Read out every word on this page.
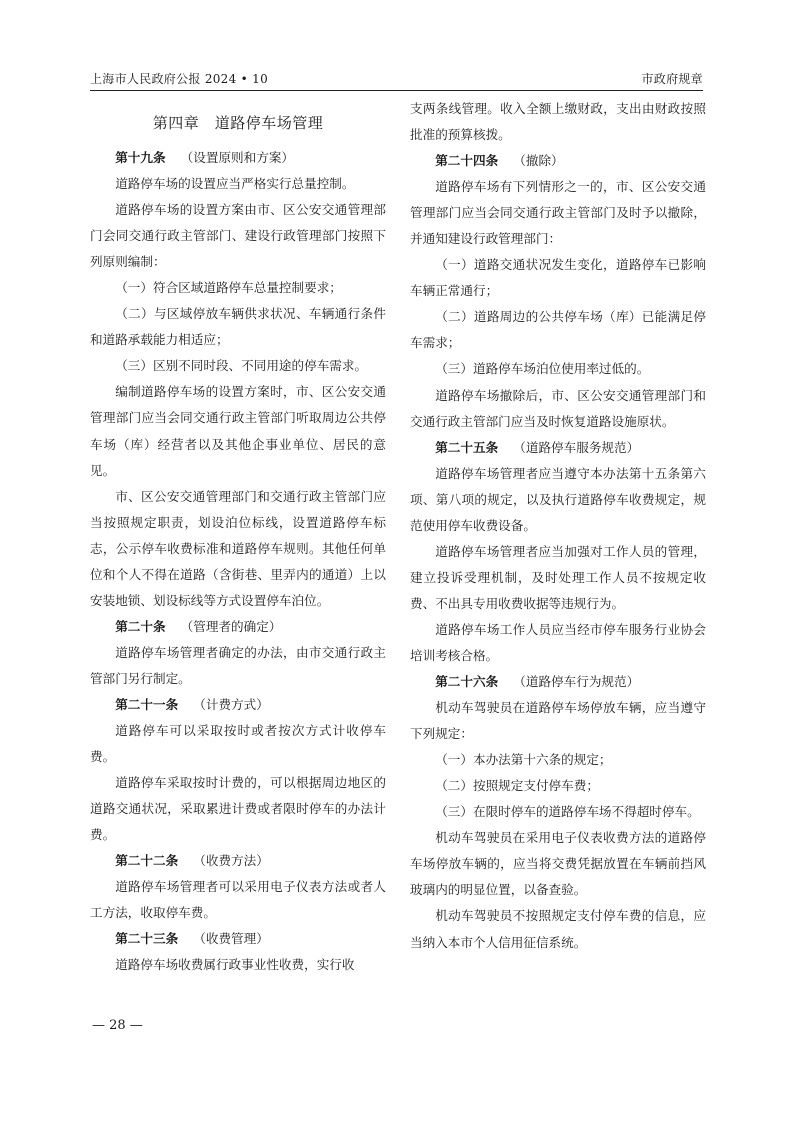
上海市人民政府公报 2024 • 10	市政府规章

第四章　道路停车场管理

第十九条 （设置原则和方案）

道路停车场的设置应当严格实行总量控制。

道路停车场的设置方案由市、区公安交通管理部门会同交通行政主管部门、建设行政管理部门按照下列原则编制：

（一）符合区域道路停车总量控制要求；

（二）与区域停放车辆供求状况、车辆通行条件和道路承载能力相适应；

（三）区别不同时段、不同用途的停车需求。

编制道路停车场的设置方案时，市、区公安交通管理部门应当会同交通行政主管部门听取周边公共停车场（库）经营者以及其他企事业单位、居民的意见。

市、区公安交通管理部门和交通行政主管部门应当按照规定职责，划设泊位标线，设置道路停车标志，公示停车收费标准和道路停车规则。其他任何单位和个人不得在道路（含街巷、里弄内的通道）上以安装地锁、划设标线等方式设置停车泊位。

第二十条 （管理者的确定）

道路停车场管理者确定的办法，由市交通行政主管部门另行制定。

第二十一条 （计费方式）

道路停车可以采取按时或者按次方式计收停车费。

道路停车采取按时计费的，可以根据周边地区的道路交通状况，采取累进计费或者限时停车的办法计费。

第二十二条 （收费方法）

道路停车场管理者可以采用电子仪表方法或者人工方法，收取停车费。

第二十三条 （收费管理）

道路停车场收费属行政事业性收费，实行收

支两条线管理。收入全额上缴财政，支出由财政按照批准的预算核拨。

第二十四条 （撤除）

道路停车场有下列情形之一的，市、区公安交通管理部门应当会同交通行政主管部门及时予以撤除，并通知建设行政管理部门：

（一）道路交通状况发生变化，道路停车已影响车辆正常通行；

（二）道路周边的公共停车场（库）已能满足停车需求；

（三）道路停车场泊位使用率过低的。

道路停车场撤除后，市、区公安交通管理部门和交通行政主管部门应当及时恢复道路设施原状。

第二十五条 （道路停车服务规范）

道路停车场管理者应当遵守本办法第十五条第六项、第八项的规定，以及执行道路停车收费规定，规范使用停车收费设备。

道路停车场管理者应当加强对工作人员的管理，建立投诉受理机制，及时处理工作人员不按规定收费、不出具专用收费收据等违规行为。

道路停车场工作人员应当经市停车服务行业协会培训考核合格。

第二十六条 （道路停车行为规范）

机动车驾驶员在道路停车场停放车辆，应当遵守下列规定：

（一）本办法第十六条的规定；

（二）按照规定支付停车费；

（三）在限时停车的道路停车场不得超时停车。

机动车驾驶员在采用电子仪表收费方法的道路停车场停放车辆的，应当将交费凭据放置在车辆前挡风玻璃内的明显位置，以备查验。

机动车驾驶员不按照规定支付停车费的信息，应当纳入本市个人信用征信系统。

— 28 —
